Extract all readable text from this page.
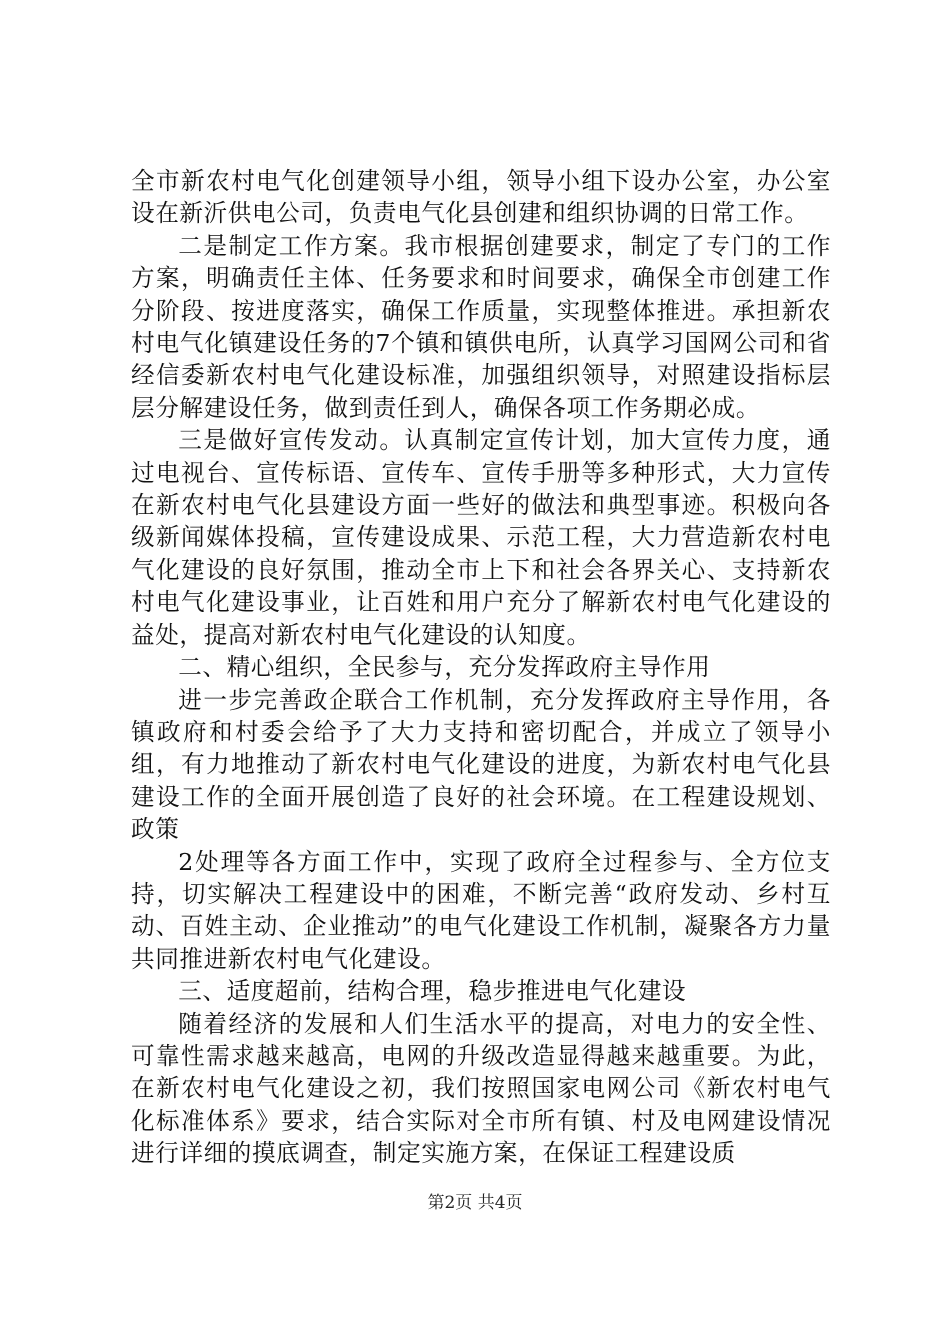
全市新农村电气化创建领导小组，领导小组下设办公室，办公室设在新沂供电公司，负责电气化县创建和组织协调的日常工作。

二是制定工作方案。我市根据创建要求，制定了专门的工作方案，明确责任主体、任务要求和时间要求，确保全市创建工作分阶段、按进度落实，确保工作质量，实现整体推进。承担新农村电气化镇建设任务的7个镇和镇供电所，认真学习国网公司和省经信委新农村电气化建设标准，加强组织领导，对照建设指标层层分解建设任务，做到责任到人，确保各项工作务期必成。

三是做好宣传发动。认真制定宣传计划，加大宣传力度，通过电视台、宣传标语、宣传车、宣传手册等多种形式，大力宣传在新农村电气化县建设方面一些好的做法和典型事迹。积极向各级新闻媒体投稿，宣传建设成果、示范工程，大力营造新农村电气化建设的良好氛围，推动全市上下和社会各界关心、支持新农村电气化建设事业，让百姓和用户充分了解新农村电气化建设的益处，提高对新农村电气化建设的认知度。

二、精心组织，全民参与，充分发挥政府主导作用

进一步完善政企联合工作机制，充分发挥政府主导作用，各镇政府和村委会给予了大力支持和密切配合，并成立了领导小组，有力地推动了新农村电气化建设的进度，为新农村电气化县建设工作的全面开展创造了良好的社会环境。在工程建设规划、政策

2处理等各方面工作中，实现了政府全过程参与、全方位支持，切实解决工程建设中的困难，不断完善“政府发动、乡村互动、百姓主动、企业推动”的电气化建设工作机制，凝聚各方力量共同推进新农村电气化建设。

三、适度超前，结构合理，稳步推进电气化建设

随着经济的发展和人们生活水平的提高，对电力的安全性、可靠性需求越来越高，电网的升级改造显得越来越重要。为此，在新农村电气化建设之初，我们按照国家电网公司《新农村电气化标准体系》要求，结合实际对全市所有镇、村及电网建设情况进行详细的摸底调查，制定实施方案，在保证工程建设质

第2页 共4页
